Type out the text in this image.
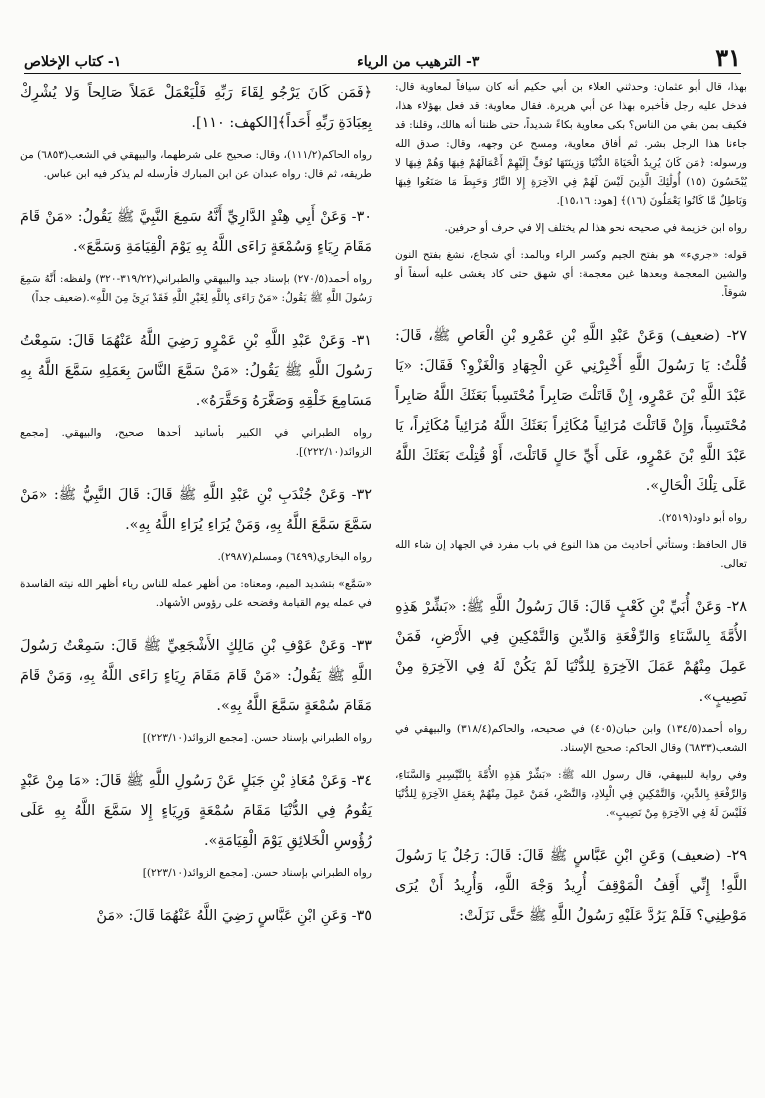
٣١
٣- الترهيب من الرياء
١- كتاب الإخلاص

بهذا، قال أبو عثمان: وحدثني العلاء بن أبي حكيم أنه كان سيافاً لمعاوية قال: فدخل عليه رجل فأخبره بهذا عن أبي هريرة. فقال معاوية: قد فعل بهؤلاء هذا، فكيف بمن بقي من الناس؟ بكى معاوية بكاءً شديداً، حتى ظننا أنه هالك، وقلنا: قد جاءنا هذا الرجل بشر. ثم أفاق معاوية، ومسح عن وجهه، وقال: صدق الله ورسوله: ﴿مَن كَانَ يُرِيدُ الْحَيَاةَ الدُّنْيَا وَزِينَتَهَا نُوَفِّ إِلَيْهِمْ أَعْمَالَهُمْ فِيهَا وَهُمْ فِيهَا لا يُبْخَسُونَ (١٥) أُولَٰئِكَ الَّذِينَ لَيْسَ لَهُمْ فِي الآخِرَةِ إِلا النَّارُ وَحَبِطَ مَا صَنَعُوا فِيهَا وَبَاطِلٌ مَّا كَانُوا يَعْمَلُونَ (١٦)﴾ [هود: ١٥،١٦].

رواه ابن خزيمة في صحيحه نحو هذا لم يختلف إلا في حرف أو حرفين.

قوله: «جريء» هو بفتح الجيم وكسر الراء وبالمد: أي شجاع، نشغ بفتح النون والشين المعجمة وبعدها غين معجمة: أي شهق حتى كاد يغشى عليه أسفاً أو شوقاً.

٢٧- (ضعيف) وَعَنْ عَبْدِ اللَّهِ بْنِ عَمْرِو بْنِ الْعَاصِ ﷺ، قَالَ: قُلْتُ: يَا رَسُولَ اللَّهِ أَخْبِرْنِي عَنِ الْجِهَادِ وَالْغَزْوِ؟ فَقَالَ: «يَا عَبْدَ اللَّهِ بْنَ عَمْرٍو، إِنْ قَاتَلْتَ صَابِراً مُحْتَسِباً بَعَثَكَ اللَّهُ صَابِراً مُحْتَسِباً، وَإِنْ قَاتَلْتَ مُرَائِياً مُكَاثِراً بَعَثَكَ اللَّهُ مُرَائِياً مُكَاثِراً، يَا عَبْدَ اللَّهِ بْنَ عَمْرٍو، عَلَى أَيِّ حَالٍ قَاتَلْتَ، أَوْ قُتِلْتَ بَعَثَكَ اللَّهُ عَلَى تِلْكَ الْحَالِ».

رواه أبو داود(٢٥١٩).

قال الحافظ: وستأتي أحاديث من هذا النوع في باب مفرد في الجهاد إن شاء الله تعالى.

٢٨- وَعَنْ أُبَيِّ بْنِ كَعْبٍ قَالَ: قَالَ رَسُولُ اللَّهِ ﷺ: «بَشِّرْ هَذِهِ الأُمَّةَ بِالسَّنَاءِ وَالرِّفْعَةِ وَالدِّينِ وَالتَّمْكِينِ فِي الأَرْضِ، فَمَنْ عَمِلَ مِنْهُمْ عَمَلَ الآخِرَةِ لِلدُّنْيَا لَمْ يَكُنْ لَهُ فِي الآخِرَةِ مِنْ نَصِيبٍ».

رواه أحمد(١٣٤/٥) وابن حبان(٤٠٥) في صحيحه، والحاكم(٣١٨/٤) والبيهقي في الشعب(٦٨٣٣) وقال الحاكم: صحيح الإسناد.

وفي رواية للبيهقي، قال رسول الله ﷺ: «بَشِّرْ هَذِهِ الأُمَّةَ بِالتَّيْسِيرِ وَالسَّنَاءِ، وَالرِّفْعَةِ بِالدِّينِ، وَالتَّمْكِينِ فِي الْبِلادِ، وَالنَّصْرِ، فَمَنْ عَمِلَ مِنْهُمْ بِعَمَلِ الآخِرَةِ لِلدُّنْيَا فَلَيْسَ لَهُ فِي الآخِرَةِ مِنْ نَصِيبٍ».

٢٩- (ضعيف) وَعَنِ ابْنِ عَبَّاسٍ ﷺ قَالَ: قَالَ: رَجُلٌ يَا رَسُولَ اللَّهِ! إِنِّي أَقِفُ الْمَوْقِفَ أُرِيدُ وَجْهَ اللَّهِ، وَأُرِيدُ أَنْ يُرَى مَوْطِنِي؟ فَلَمْ يَرُدَّ عَلَيْهِ رَسُولُ اللَّهِ ﷺ حَتَّى نَزَلَتْ:

﴿فَمَن كَانَ يَرْجُو لِقَاءَ رَبِّهِ فَلْيَعْمَلْ عَمَلاً صَالِحاً وَلا يُشْرِكْ بِعِبَادَةِ رَبِّهِ أَحَداً﴾[الكهف: ١١٠].

رواه الحاكم(١١١/٢)، وقال: صحيح على شرطهما، والبيهقي في الشعب(٦٨٥٣) من طريقه، ثم قال: رواه عبدان عن ابن المبارك فأرسله لم يذكر فيه ابن عباس.

٣٠- وَعَنْ أَبِي هِنْدٍ الدَّارِيِّ أَنَّهُ سَمِعَ النَّبِيَّ ﷺ يَقُولُ: «مَنْ قَامَ مَقَامَ رِيَاءٍ وَسُمْعَةٍ رَاءَى اللَّهُ بِهِ يَوْمَ الْقِيَامَةِ وَسَمَّعَ».

رواه أحمد(٢٧٠/٥) بإسناد جيد والبيهقي والطبراني(٣١٩/٢٢-٣٢٠) ولفظه: أَنَّهُ سَمِعَ رَسُولَ اللَّهِ ﷺ يَقُولُ: «مَنْ رَاءَى بِاللَّهِ لِغَيْرِ اللَّهِ فَقَدْ بَرِئَ مِنَ اللَّهِ».(ضعيف جداً)

٣١- وَعَنْ عَبْدِ اللَّهِ بْنِ عَمْرٍو رَضِيَ اللَّهُ عَنْهُمَا قَالَ: سَمِعْتُ رَسُولَ اللَّهِ ﷺ يَقُولُ: «مَنْ سَمَّعَ النَّاسَ بِعَمَلِهِ سَمَّعَ اللَّهُ بِهِ مَسَامِعَ خَلْقِهِ وَصَغَّرَهُ وَحَقَّرَهُ».

رواه الطبراني في الكبير بأسانيد أحدها صحيح، والبيهقي. [مجمع الزوائد(٢٢٢/١٠)].

٣٢- وَعَنْ جُنْدَبِ بْنِ عَبْدِ اللَّهِ ﷺ قَالَ: قَالَ النَّبِيُّ ﷺ: «مَنْ سَمَّعَ سَمَّعَ اللَّهُ بِهِ، وَمَنْ يُرَاءِ يُرَاءِ اللَّهُ بِهِ».

رواه البخاري(٦٤٩٩) ومسلم(٢٩٨٧).

«سَمَّع» بتشديد الميم، ومعناه: من أظهر عمله للناس رياء أظهر الله نيته الفاسدة في عمله يوم القيامة وفضحه على رؤوس الأشهاد.

٣٣- وَعَنْ عَوْفِ بْنِ مَالِكٍ الأَشْجَعِيِّ ﷺ قَالَ: سَمِعْتُ رَسُولَ اللَّهِ ﷺ يَقُولُ: «مَنْ قَامَ مَقَامَ رِيَاءٍ رَاءَى اللَّهُ بِهِ، وَمَنْ قَامَ مَقَامَ سُمْعَةٍ سَمَّعَ اللَّهُ بِهِ».

رواه الطبراني بإسناد حسن. [مجمع الزوائد(٢٢٣/١٠)]

٣٤- وَعَنْ مُعَاذِ بْنِ جَبَلٍ عَنْ رَسُولِ اللَّهِ ﷺ قَالَ: «مَا مِنْ عَبْدٍ يَقُومُ فِي الدُّنْيَا مَقَامَ سُمْعَةٍ وَرِيَاءٍ إِلا سَمَّعَ اللَّهُ بِهِ عَلَى رُؤُوسِ الْخَلائِقِ يَوْمَ الْقِيَامَةِ».

رواه الطبراني بإسناد حسن. [مجمع الزوائد(٢٢٣/١٠)]

٣٥- وَعَنِ ابْنِ عَبَّاسٍ رَضِيَ اللَّهُ عَنْهُمَا قَالَ: «مَنْ
